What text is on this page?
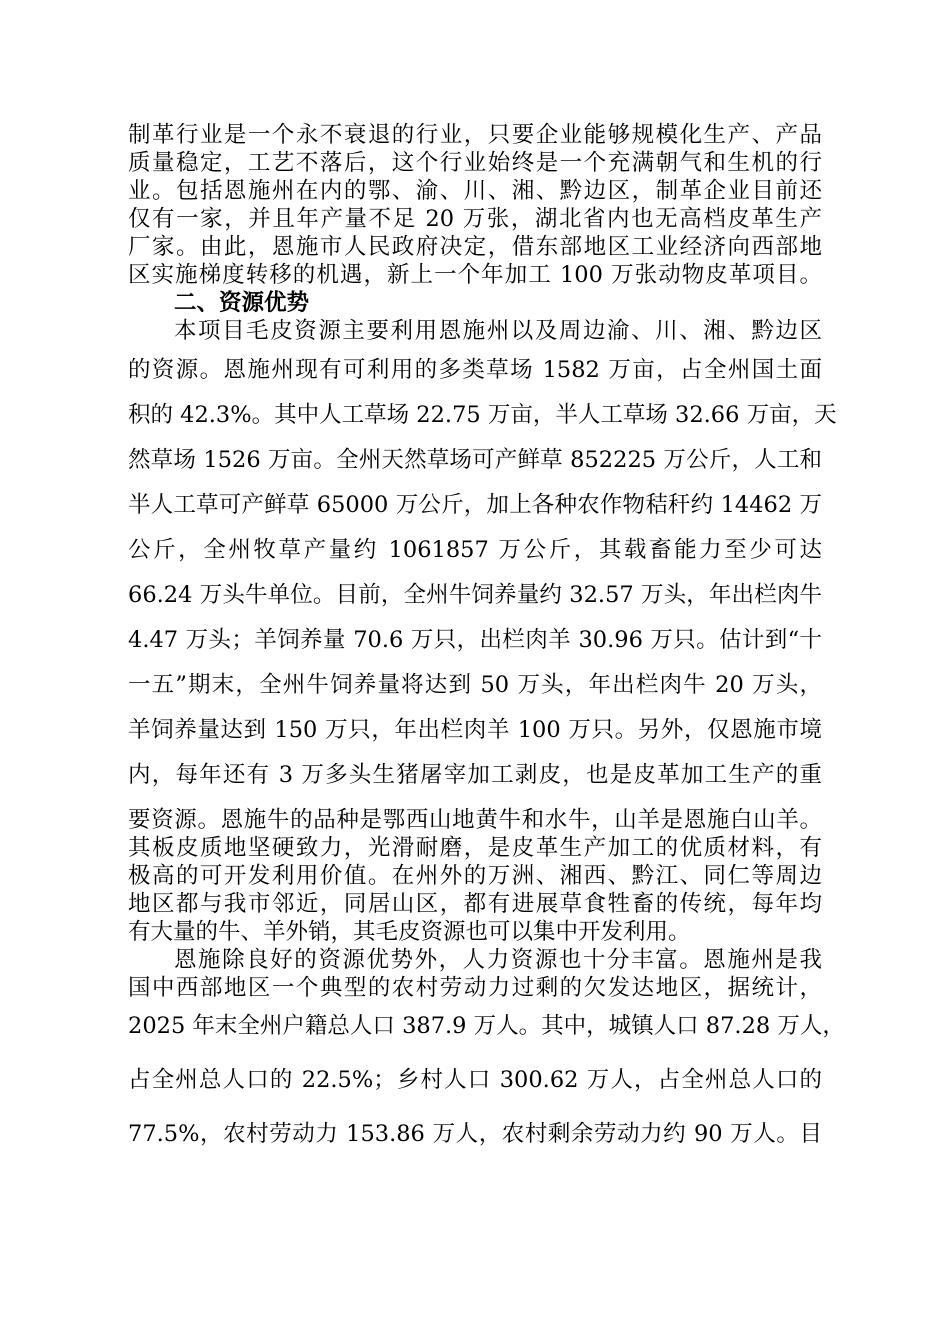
制革行业是一个永不衰退的行业，只要企业能够规模化生产、产品
质量稳定，工艺不落后，这个行业始终是一个充满朝气和生机的行
业。包括恩施州在内的鄂、渝、川、湘、黔边区，制革企业目前还
仅有一家，并且年产量不足 20 万张，湖北省内也无高档皮革生产
厂家。由此，恩施市人民政府决定，借东部地区工业经济向西部地
区实施梯度转移的机遇，新上一个年加工 100 万张动物皮革项目。
二、资源优势
本项目毛皮资源主要利用恩施州以及周边渝、川、湘、黔边区
的资源。恩施州现有可利用的多类草场 1582 万亩，占全州国土面
积的 42.3%。其中人工草场 22.75 万亩，半人工草场 32.66 万亩，天
然草场 1526 万亩。全州天然草场可产鲜草 852225 万公斤，人工和
半人工草可产鲜草 65000 万公斤，加上各种农作物秸秆约 14462 万
公斤，全州牧草产量约 1061857 万公斤，其载畜能力至少可达
66.24 万头牛单位。目前，全州牛饲养量约 32.57 万头，年出栏肉牛
4.47 万头；羊饲养量 70.6 万只，出栏肉羊 30.96 万只。估计到“十
一五”期末，全州牛饲养量将达到 50 万头，年出栏肉牛 20 万头，
羊饲养量达到 150 万只，年出栏肉羊 100 万只。另外，仅恩施市境
内，每年还有 3 万多头生猪屠宰加工剥皮，也是皮革加工生产的重
要资源。恩施牛的品种是鄂西山地黄牛和水牛，山羊是恩施白山羊。
其板皮质地坚硬致力，光滑耐磨，是皮革生产加工的优质材料，有
极高的可开发利用价值。在州外的万洲、湘西、黔江、同仁等周边
地区都与我市邻近，同居山区，都有进展草食牲畜的传统，每年均
有大量的牛、羊外销，其毛皮资源也可以集中开发利用。
恩施除良好的资源优势外，人力资源也十分丰富。恩施州是我
国中西部地区一个典型的农村劳动力过剩的欠发达地区，据统计，
2025 年末全州户籍总人口 387.9 万人。其中，城镇人口 87.28 万人，
占全州总人口的 22.5%；乡村人口 300.62 万人，占全州总人口的
77.5%，农村劳动力 153.86 万人，农村剩余劳动力约 90 万人。目
